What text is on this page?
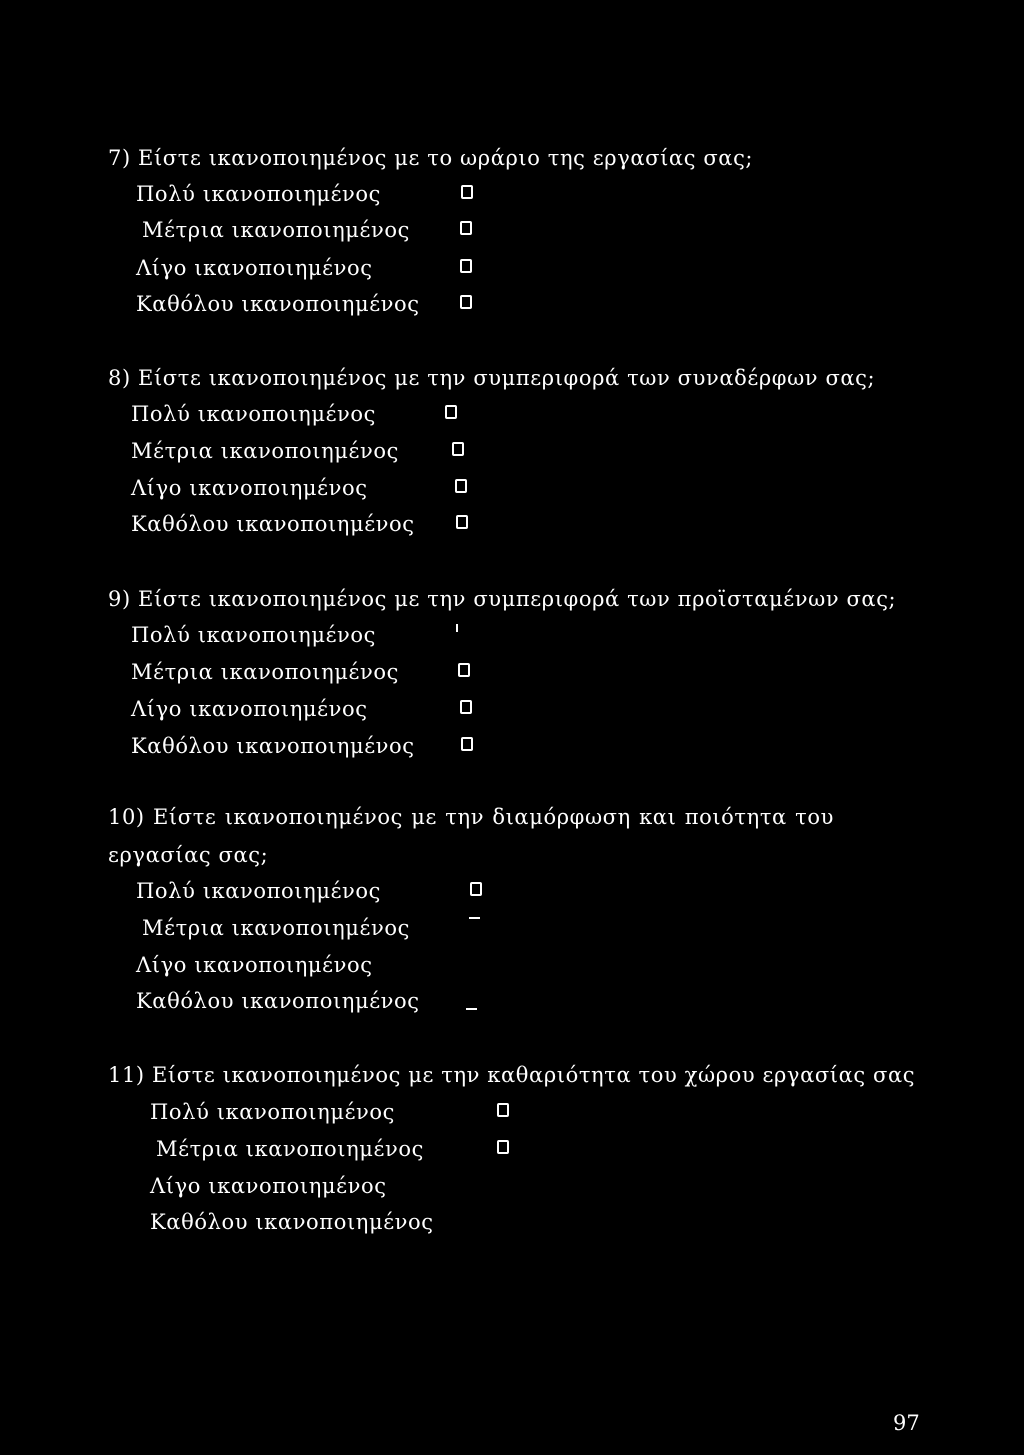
7) Είστε ικανοποιημένος με το ωράριο της εργασίας σας;
Πολύ ικανοποιημένος
Μέτρια ικανοποιημένος
Λίγο ικανοποιημένος
Καθόλου ικανοποιημένος
8) Είστε ικανοποιημένος με την συμπεριφορά των συναδέρφων σας;
Πολύ ικανοποιημένος
Μέτρια ικανοποιημένος
Λίγο ικανοποιημένος
Καθόλου ικανοποιημένος
9) Είστε ικανοποιημένος με την συμπεριφορά των προϊσταμένων σας;
Πολύ ικανοποιημένος
Μέτρια ικανοποιημένος
Λίγο ικανοποιημένος
Καθόλου ικανοποιημένος
10) Είστε ικανοποιημένος με την διαμόρφωση και ποιότητα του
εργασίας σας;
Πολύ ικανοποιημένος
Μέτρια ικανοποιημένος
Λίγο ικανοποιημένος
Καθόλου ικανοποιημένος
11) Είστε ικανοποιημένος με την καθαριότητα του χώρου εργασίας σας
Πολύ ικανοποιημένος
Μέτρια ικανοποιημένος
Λίγο ικανοποιημένος
Καθόλου ικανοποιημένος
97
